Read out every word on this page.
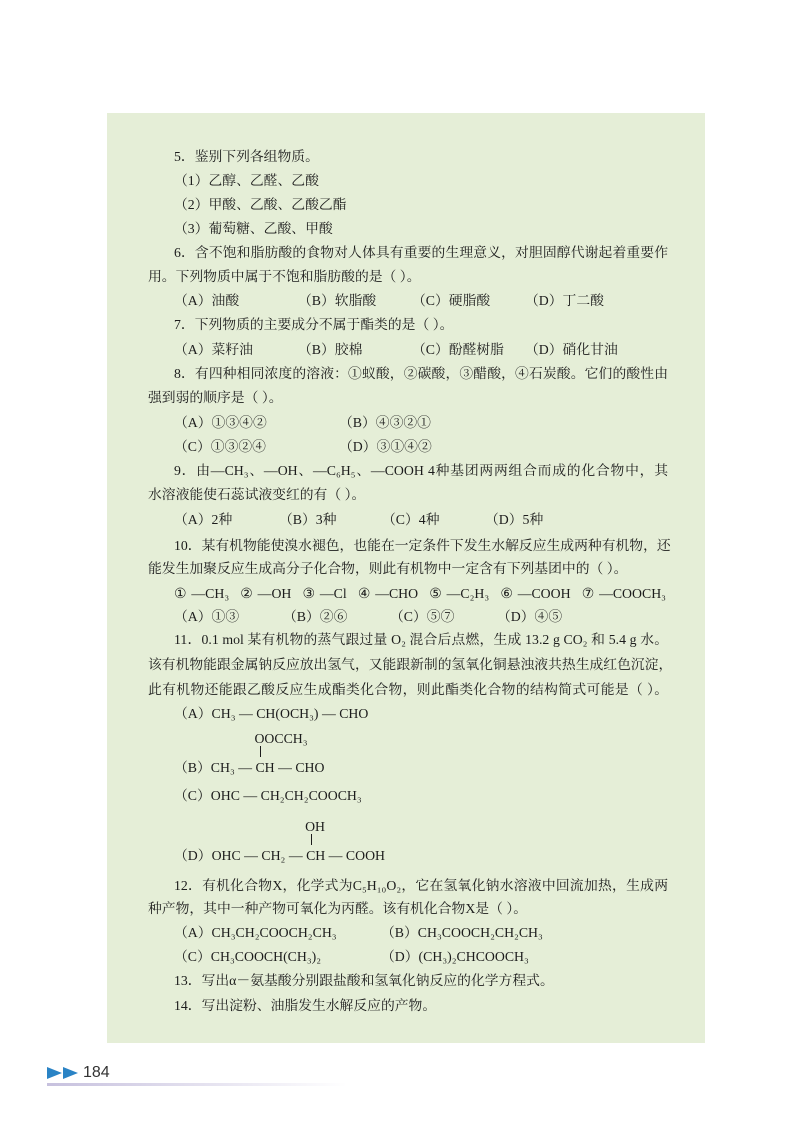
5．鉴别下列各组物质。
（1）乙醇、乙醛、乙酸
（2）甲酸、乙酸、乙酸乙酯
（3）葡萄糖、乙酸、甲酸
6．含不饱和脂肪酸的食物对人体具有重要的生理意义，对胆固醇代谢起着重要作
用。下列物质中属于不饱和脂肪酸的是（ ）。
（A）油酸	（B）软脂酸	（C）硬脂酸	（D）丁二酸
7．下列物质的主要成分不属于酯类的是（ ）。
（A）菜籽油	（B）胶棉	（C）酚醛树脂 （D）硝化甘油
8．有四种相同浓度的溶液：①蚁酸，②碳酸，③醋酸，④石炭酸。它们的酸性由
强到弱的顺序是（ ）。
（A）①③④②	（B）④③②①
（C）①③②④	（D）③①④②
9．由—CH₃、—OH、—C₆H₅、—COOH 4种基团两两组合而成的化合物中，其
水溶液能使石蕊试液变红的有（ ）。
（A）2种	（B）3种	（C）4种	（D）5种
10．某有机物能使溴水褪色，也能在一定条件下发生水解反应生成两种有机物，还
能发生加聚反应生成高分子化合物，则此有机物中一定含有下列基团中的（ ）。
① —CH₃ ② —OH ③ —Cl ④ —CHO ⑤ —C₂H₃ ⑥ —COOH ⑦ —COOCH₃
（A）①③	（B）②⑥	（C）⑤⑦	（D）④⑤
11．0.1 mol 某有机物的蒸气跟过量 O₂ 混合后点燃，生成 13.2 g CO₂ 和 5.4 g 水。
该有机物能跟金属钠反应放出氢气，又能跟新制的氢氧化铜悬浊液共热生成红色沉淀，
此有机物还能跟乙酸反应生成酯类化合物，则此酯类化合物的结构简式可能是（ ）。
（A）CH₃ — CH(OCH₃) — CHO
（B）CH₃ — CH
OOCCH₃
— CHO
（C）OHC — CH₂CH₂COOCH₃
（D）OHC — CH₂ — CH
OH
— COOH
12．有机化合物X，化学式为C₅H₁₀O₂，它在氢氧化钠水溶液中回流加热，生成两
种产物，其中一种产物可氧化为丙醛。该有机化合物X是（ ）。
（A）CH₃CH₂COOCH₂CH₃	（B）CH₃COOCH₂CH₂CH₃
（C）CH₃COOCH(CH₃)₂	（D）(CH₃)₂CHCOOCH₃
13．写出α－氨基酸分别跟盐酸和氢氧化钠反应的化学方程式。
14．写出淀粉、油脂发生水解反应的产物。
184
